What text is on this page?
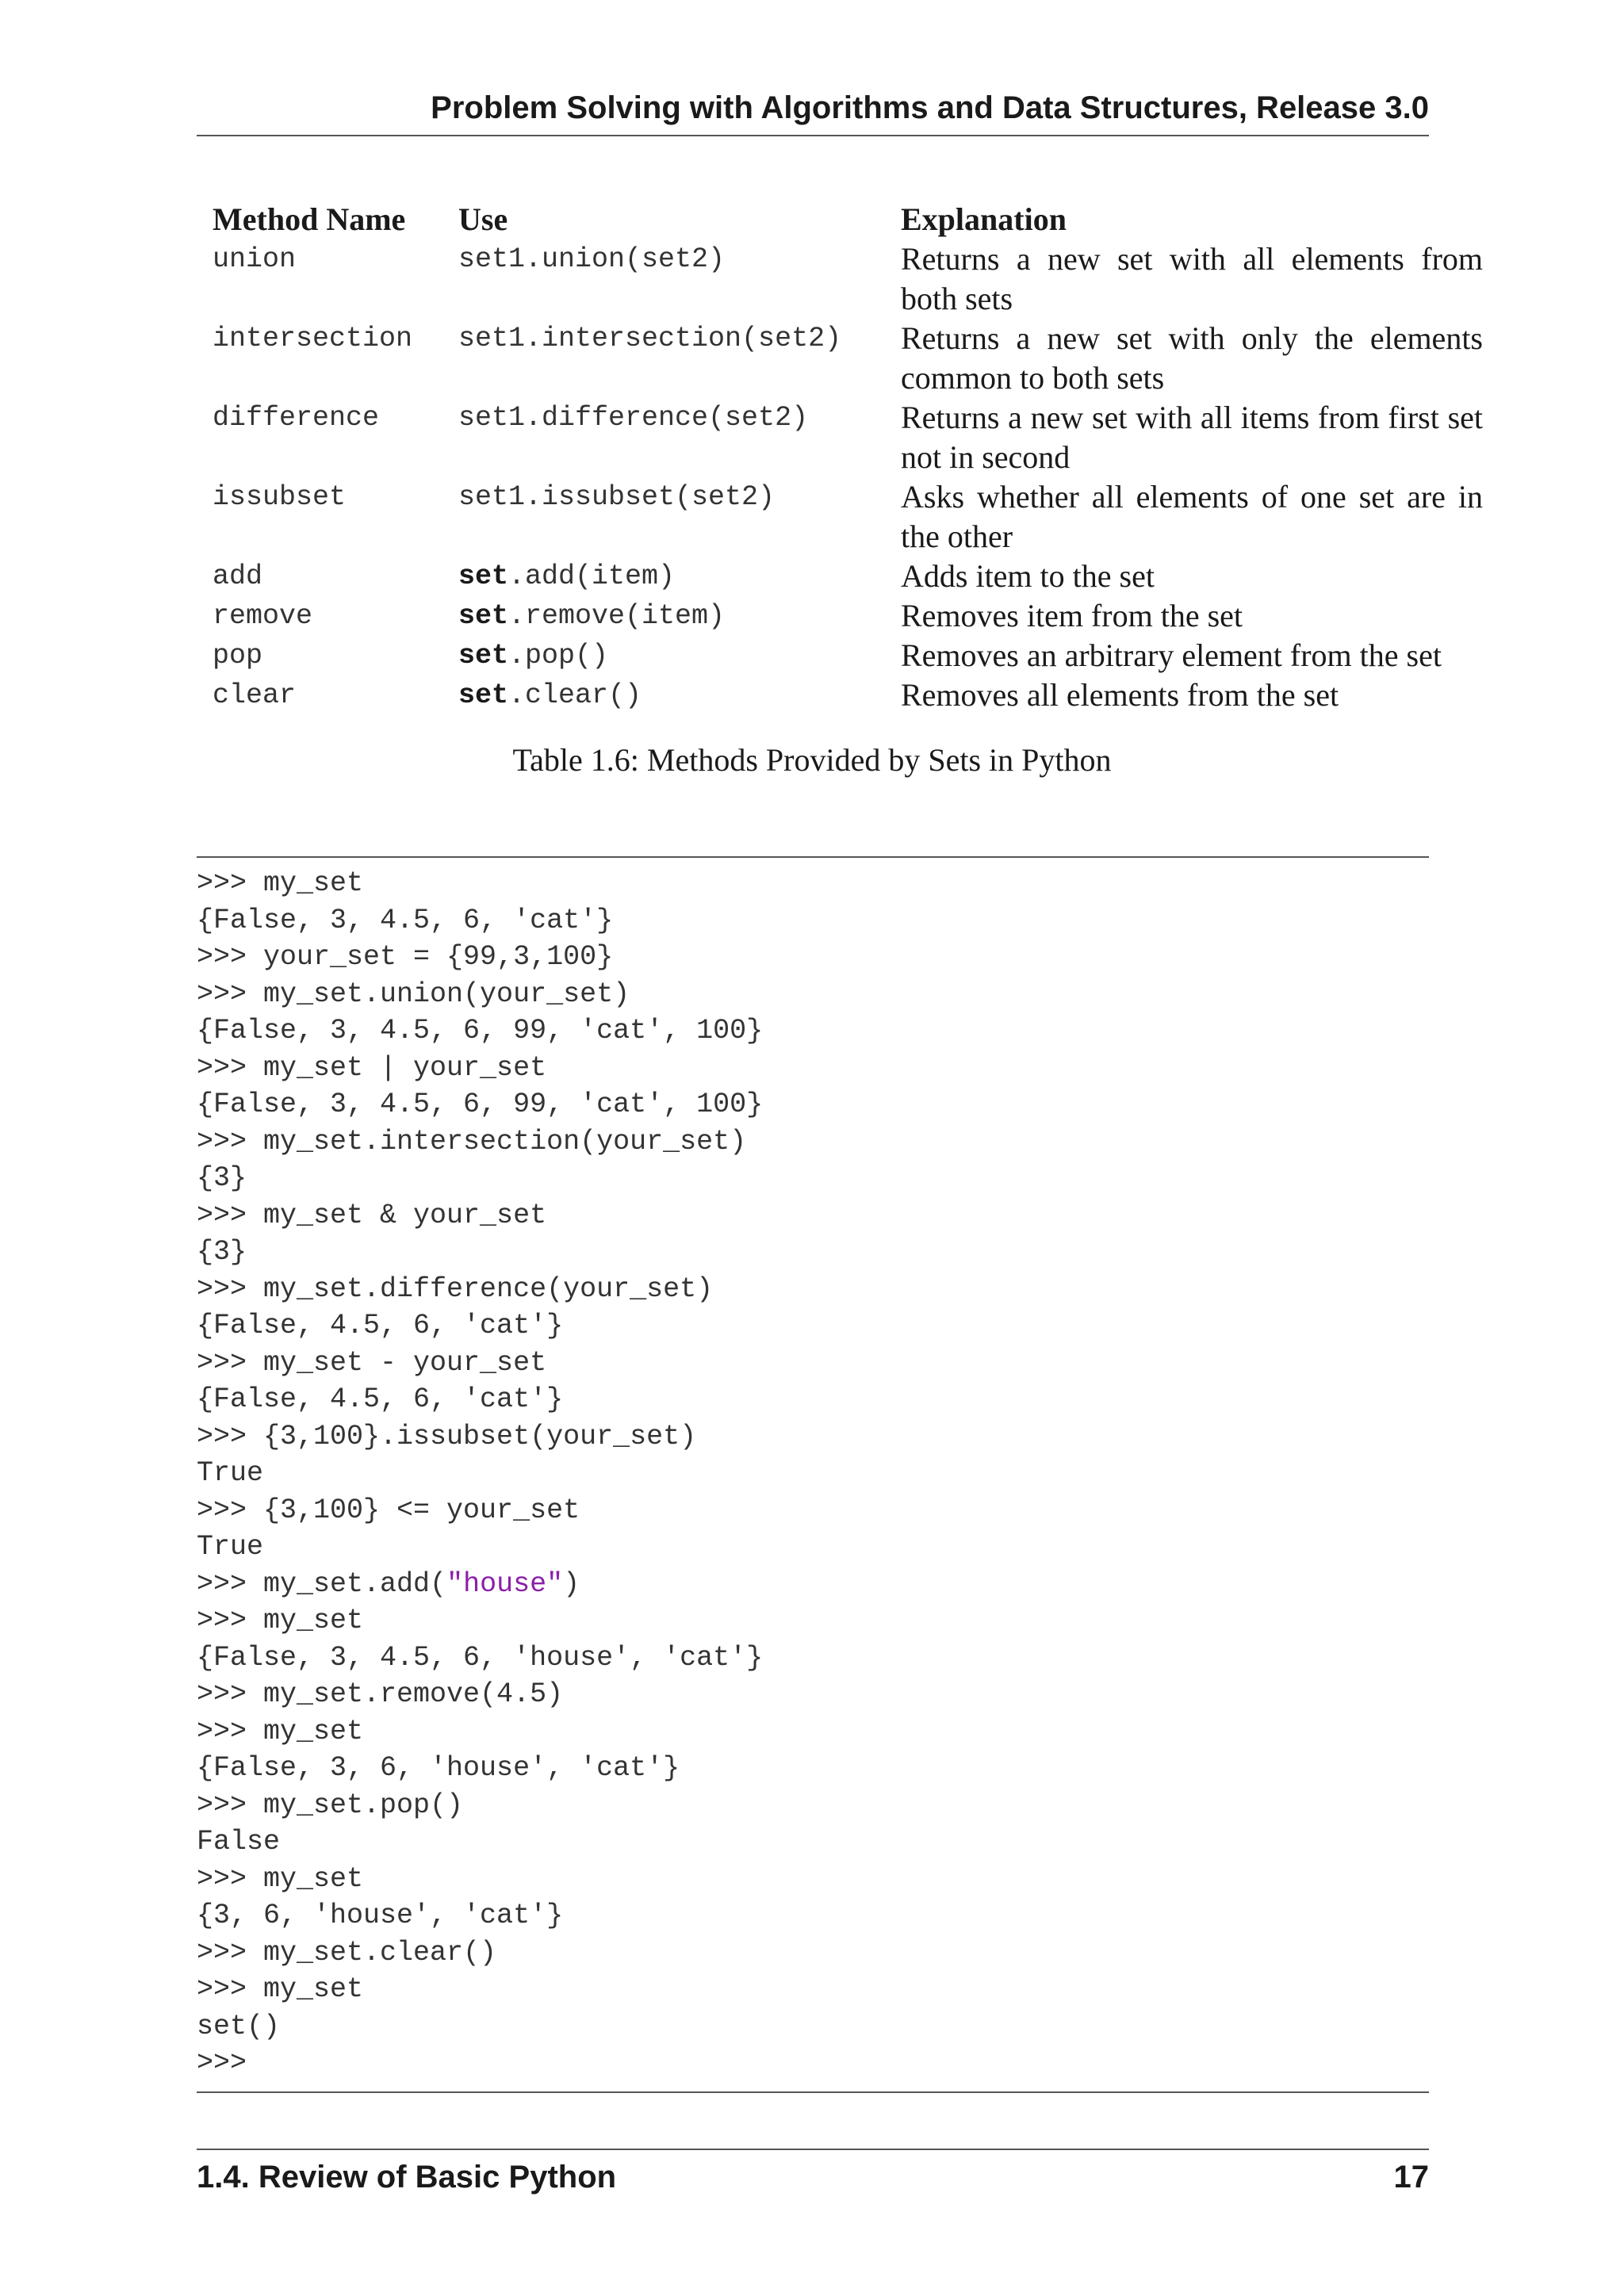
Problem Solving with Algorithms and Data Structures, Release 3.0
Method Name	Use	Explanation
union	set1.union(set2)	Returns a new set with all elements from both sets
intersection	set1.intersection(set2)	Returns a new set with only the elements common to both sets
difference	set1.difference(set2)	Returns a new set with all items from first set not in second
issubset	set1.issubset(set2)	Asks whether all elements of one set are in the other
add	set.add(item)	Adds item to the set
remove	set.remove(item)	Removes item from the set
pop	set.pop()	Removes an arbitrary element from the set
clear	set.clear()	Removes all elements from the set
Table 1.6: Methods Provided by Sets in Python
>>> my_set
{False, 3, 4.5, 6, 'cat'}
>>> your_set = {99,3,100}
>>> my_set.union(your_set)
{False, 3, 4.5, 6, 99, 'cat', 100}
>>> my_set | your_set
{False, 3, 4.5, 6, 99, 'cat', 100}
>>> my_set.intersection(your_set)
{3}
>>> my_set & your_set
{3}
>>> my_set.difference(your_set)
{False, 4.5, 6, 'cat'}
>>> my_set - your_set
{False, 4.5, 6, 'cat'}
>>> {3,100}.issubset(your_set)
True
>>> {3,100} <= your_set
True
>>> my_set.add("house")
>>> my_set
{False, 3, 4.5, 6, 'house', 'cat'}
>>> my_set.remove(4.5)
>>> my_set
{False, 3, 6, 'house', 'cat'}
>>> my_set.pop()
False
>>> my_set
{3, 6, 'house', 'cat'}
>>> my_set.clear()
>>> my_set
set()
>>>
1.4. Review of Basic Python	17
